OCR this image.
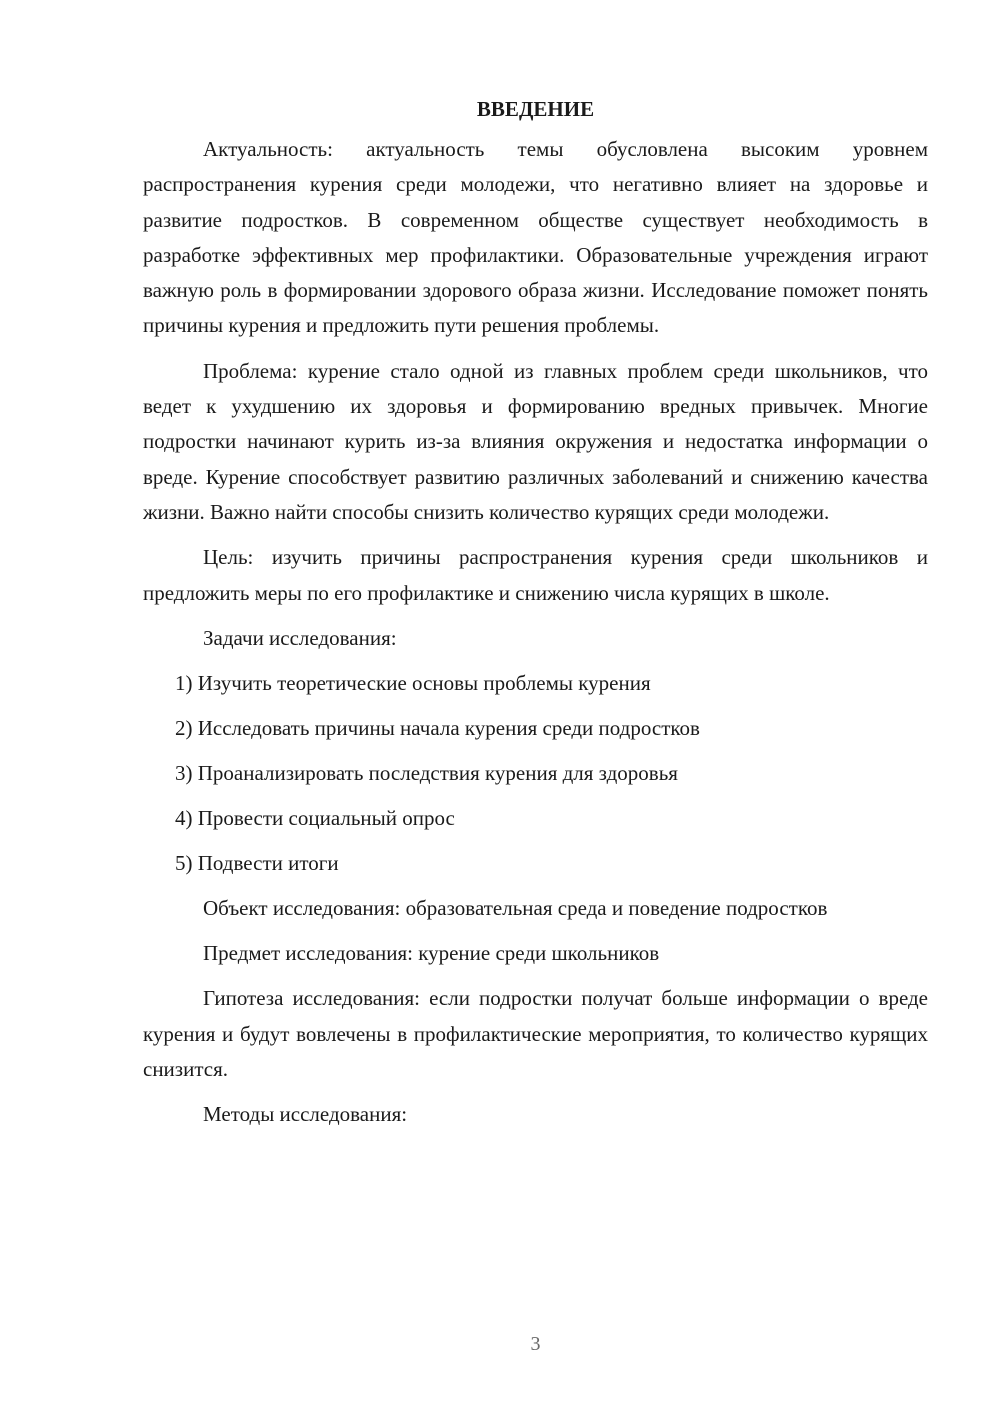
ВВЕДЕНИЕ

Актуальность: актуальность темы обусловлена высоким уровнем распространения курения среди молодежи, что негативно влияет на здоровье и развитие подростков. В современном обществе существует необходимость в разработке эффективных мер профилактики. Образовательные учреждения играют важную роль в формировании здорового образа жизни. Исследование поможет понять причины курения и предложить пути решения проблемы.

Проблема: курение стало одной из главных проблем среди школьников, что ведет к ухудшению их здоровья и формированию вредных привычек. Многие подростки начинают курить из-за влияния окружения и недостатка информации о вреде. Курение способствует развитию различных заболеваний и снижению качества жизни. Важно найти способы снизить количество курящих среди молодежи.

Цель: изучить причины распространения курения среди школьников и предложить меры по его профилактике и снижению числа курящих в школе.

Задачи исследования:
1) Изучить теоретические основы проблемы курения
2) Исследовать причины начала курения среди подростков
3) Проанализировать последствия курения для здоровья
4) Провести социальный опрос
5) Подвести итоги

Объект исследования: образовательная среда и поведение подростков

Предмет исследования: курение среди школьников

Гипотеза исследования: если подростки получат больше информации о вреде курения и будут вовлечены в профилактические мероприятия, то количество курящих снизится.

Методы исследования:

3
